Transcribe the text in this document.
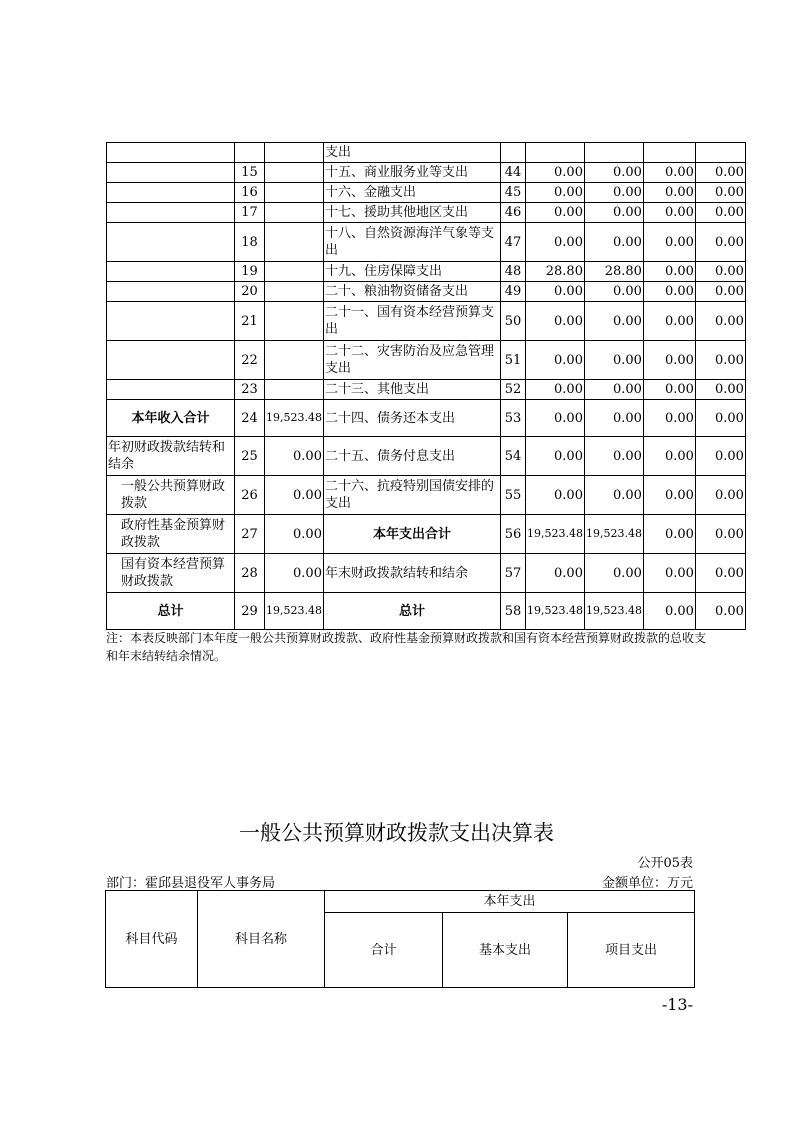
			支出					
	15		十五、商业服务业等支出	44	0.00	0.00	0.00	0.00
	16		十六、金融支出	45	0.00	0.00	0.00	0.00
	17		十七、援助其他地区支出	46	0.00	0.00	0.00	0.00
	18		十八、自然资源海洋气象等支出	47	0.00	0.00	0.00	0.00
	19		十九、住房保障支出	48	28.80	28.80	0.00	0.00
	20		二十、粮油物资储备支出	49	0.00	0.00	0.00	0.00
	21		二十一、国有资本经营预算支出	50	0.00	0.00	0.00	0.00
	22		二十二、灾害防治及应急管理支出	51	0.00	0.00	0.00	0.00
	23		二十三、其他支出	52	0.00	0.00	0.00	0.00
本年收入合计	24	19,523.48	二十四、债务还本支出	53	0.00	0.00	0.00	0.00
年初财政拨款结转和结余	25	0.00	二十五、债务付息支出	54	0.00	0.00	0.00	0.00
一般公共预算财政拨款	26	0.00	二十六、抗疫特别国债安排的支出	55	0.00	0.00	0.00	0.00
政府性基金预算财政拨款	27	0.00	本年支出合计	56	19,523.48	19,523.48	0.00	0.00
国有资本经营预算财政拨款	28	0.00	年末财政拨款结转和结余	57	0.00	0.00	0.00	0.00
总计	29	19,523.48	总计	58	19,523.48	19,523.48	0.00	0.00
注：本表反映部门本年度一般公共预算财政拨款、政府性基金预算财政拨款和国有资本经营预算财政拨款的总收支和年末结转结余情况。
一般公共预算财政拨款支出决算表
公开05表
部门：霍邱县退役军人事务局	金额单位：万元
科目代码	科目名称	本年支出		
		合计	基本支出	项目支出
-13-
